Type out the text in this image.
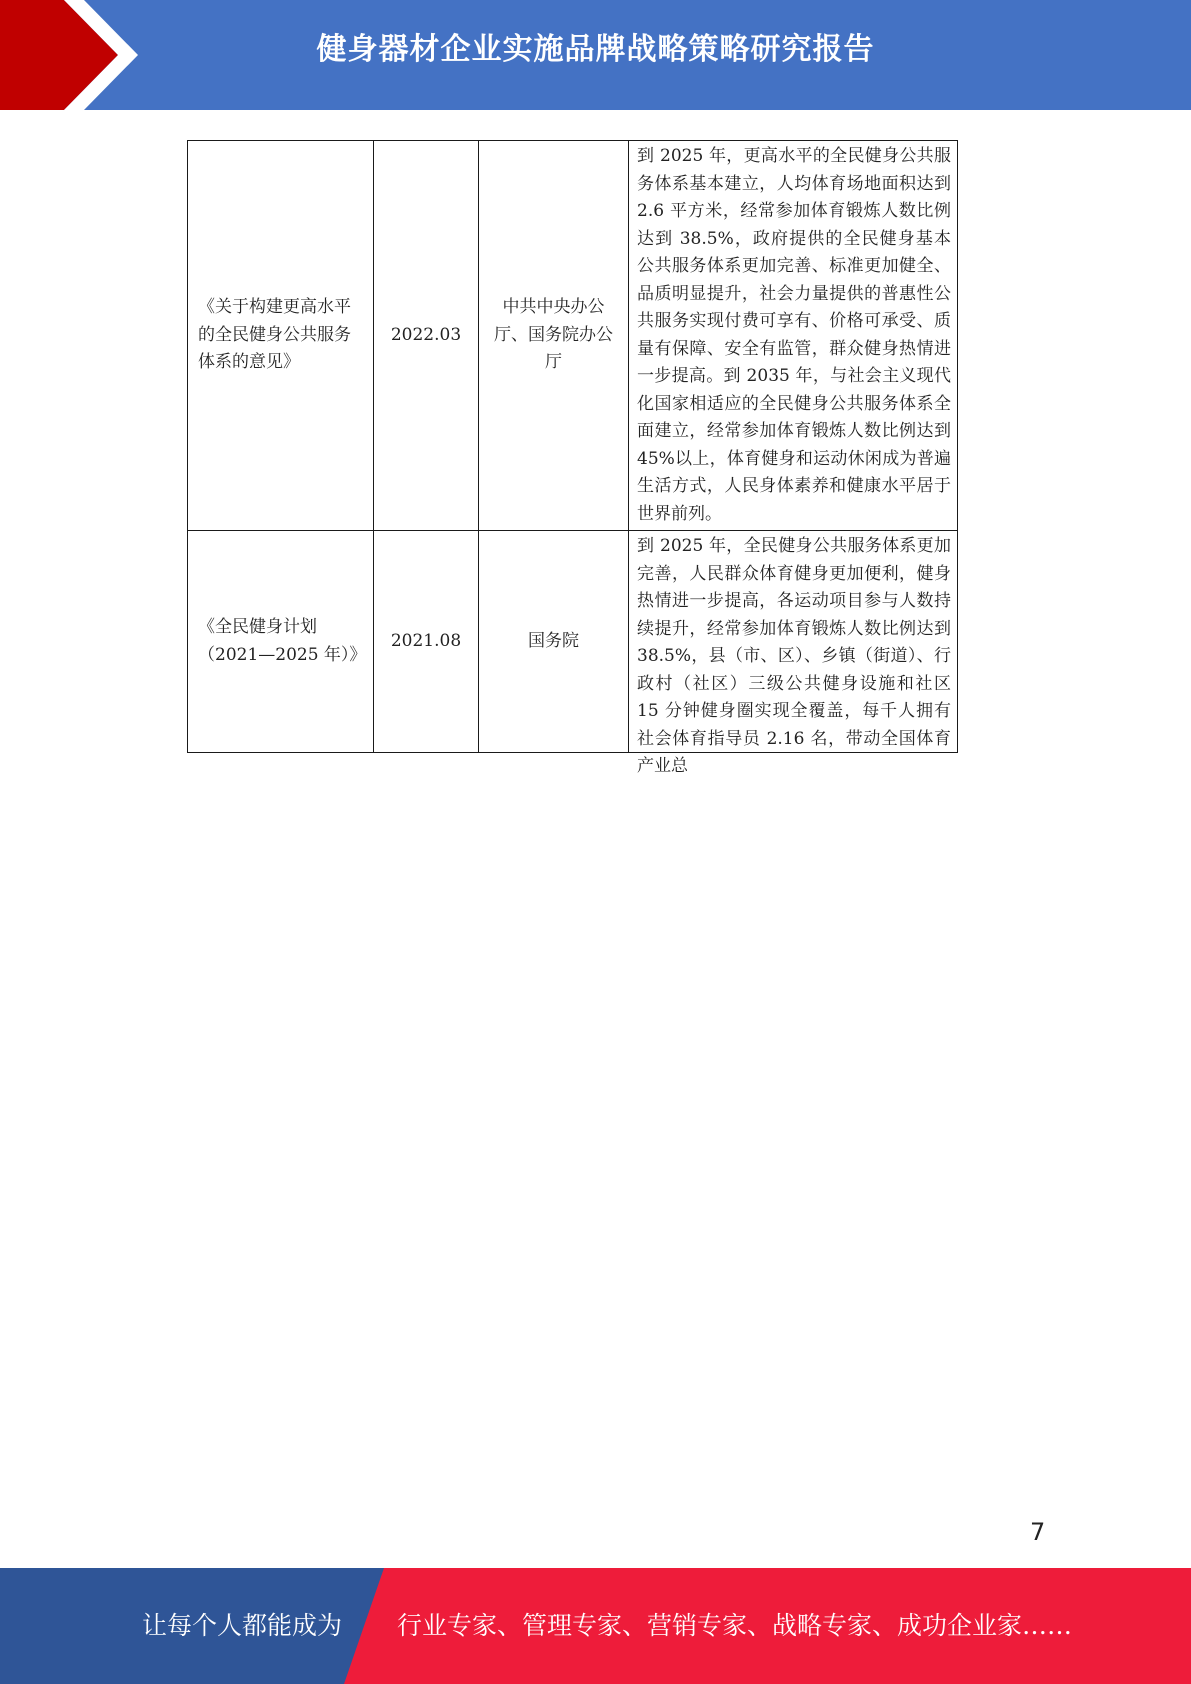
健身器材企业实施品牌战略策略研究报告
《关于构建更高水平的全民健身公共服务体系的意见》	2022.03	中共中央办公厅、国务院办公厅	到 2025 年，更高水平的全民健身公共服务体系基本建立，人均体育场地面积达到 2.6 平方米，经常参加体育锻炼人数比例达到 38.5%，政府提供的全民健身基本公共服务体系更加完善、标准更加健全、品质明显提升，社会力量提供的普惠性公共服务实现付费可享有、价格可承受、质量有保障、安全有监管，群众健身热情进一步提高。到 2035 年，与社会主义现代化国家相适应的全民健身公共服务体系全面建立，经常参加体育锻炼人数比例达到 45%以上，体育健身和运动休闲成为普遍生活方式，人民身体素养和健康水平居于世界前列。
《全民健身计划（2021—2025 年）》	2021.08	国务院	到 2025 年，全民健身公共服务体系更加完善，人民群众体育健身更加便利，健身热情进一步提高，各运动项目参与人数持续提升，经常参加体育锻炼人数比例达到 38.5%，县（市、区）、乡镇（街道）、行政村（社区）三级公共健身设施和社区 15 分钟健身圈实现全覆盖，每千人拥有社会体育指导员 2.16 名，带动全国体育产业总
7
让每个人都能成为 行业专家、管理专家、营销专家、战略专家、成功企业家……
